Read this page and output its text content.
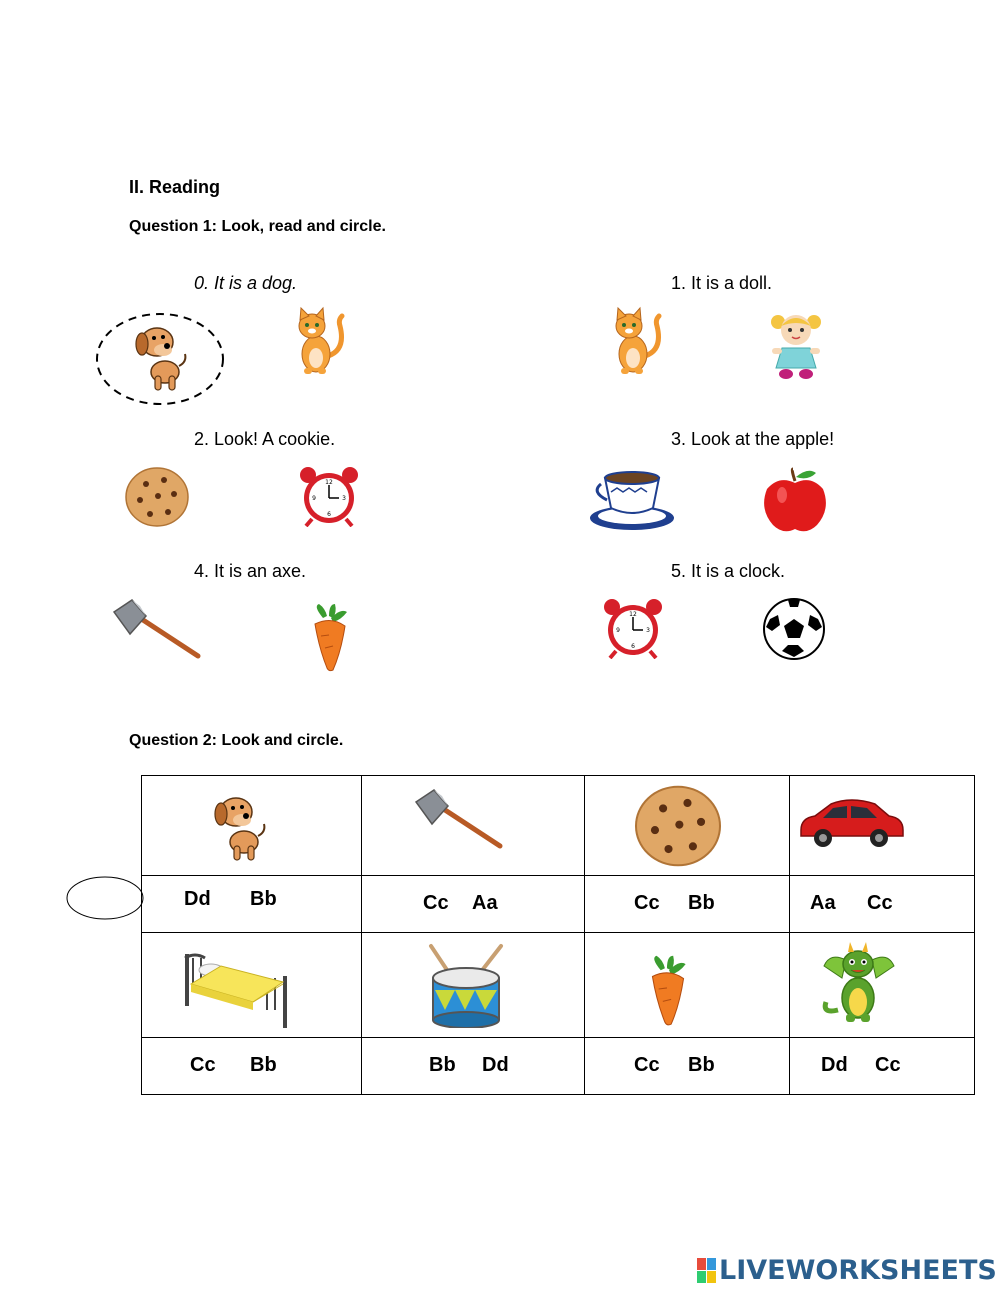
II. Reading
Question 1: Look, read and circle.
0. It is a dog.	1. It is a doll.
2. Look! A cookie.	3. Look at the apple!
4. It is an axe.	5. It is a clock.
12
3
6
9
12
3
6
9
Question 2: Look and circle.
Dd Bb	Cc Aa	Cc Bb	Aa Cc
Cc Bb	Bb Dd	Cc Bb	Dd Cc
LIVEWORKSHEETS
